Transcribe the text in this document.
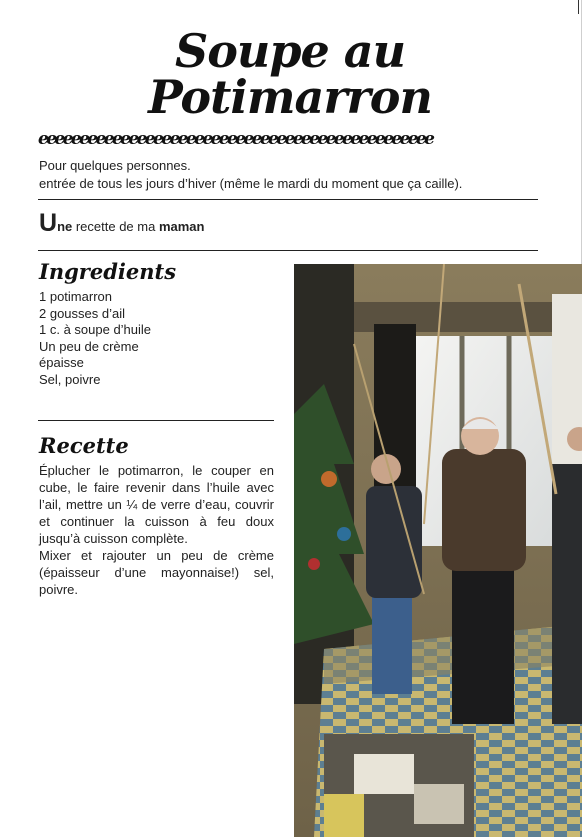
Soupe au
Potimarron
eeeeeeeeeeeeeeeeeeeeeeeeeeeeeeeeeeeeeeeeeeeeeeee

Pour quelques personnes.

entrée de tous les jours d’hiver (même le mardi du moment que ça caille).

Une recette de ma maman
Ingredients
1 potimarron
2 gousses d’ail
1 c. à soupe d’huile
Un peu de crème
épaisse
Sel, poivre
Recette

Éplucher le potimarron, le couper en cube, le faire revenir dans l’huile avec l’ail, mettre un ¼ de verre d’eau, couvrir et continuer la cuisson à feu doux jusqu’à cuisson complète.

Mixer et rajouter un peu de crème (épaisseur d’une mayonnaise!) sel, poivre.
